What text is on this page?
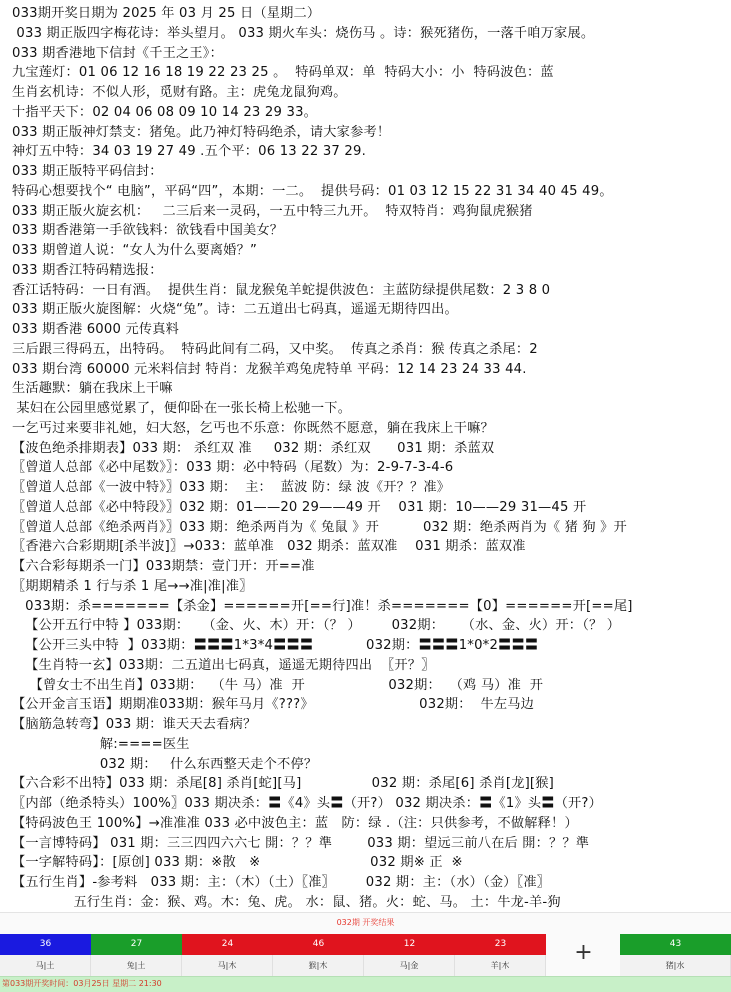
033期开奖日期为 2025 年 03 月 25 日（星期二）
033 期正版四字梅花诗：举头望月。 033 期火车头：烧伤马 。诗：猴死猪伤，一落千咱万家展。
033 期香港地下信封《千王之王》：
九宝莲灯：01 06 12 16 18 19 22 23 25 。  特码单双：单  特码大小：小  特码波色：蓝
生肖玄机诗：不似人形，觅财有路。主：虎兔龙鼠狗鸡。
十指平天下：02 04 06 08 09 10 14 23 29 33。
033 期正版神灯禁支：猪兔。此乃神灯特码绝杀，请大家参考！
神灯五中特：34 03 19 27 49 .五个平：06 13 22 37 29.
033 期正版特平码信封：
特码心想要找个“ 电脑”，平码“四”，本期：一二。  提供号码：01 03 12 15 22 31 34 40 45 49。
033 期正版火旋玄机：   二三后来一灵码，一五中特三九开。  特双特肖：鸡狗鼠虎猴猪
033 期香港第一手欲钱料：欲钱看中国美女？
033 期曾道人说：“女人为什么要离婚？”
033 期香江特码精选报：
香江话特码：一日有酒。  提供生肖：鼠龙猴兔羊蛇提供波色：主蓝防绿提供尾数：2 3 8 0
033 期正版火旋图解：火烧“兔”。诗：二五道出七码真，遥遥无期待四出。
033 期香港 6000 元传真料
三后跟三得码五，出特码。  特码此间有二码，又中奖。  传真之杀肖：猴 传真之杀尾：2
033 期台湾 60000 元米料信封 特肖：龙猴羊鸡兔虎特单 平码：12 14 23 24 33 44.
生活趣默：躺在我床上干嘛
某妇在公园里感觉累了，便仰卧在一张长椅上松驰一下。
一乞丐过来要非礼她，妇大怒，乞丐也不乐意：你既然不愿意，躺在我床上干嘛？
【波色绝杀排期表】033 期： 杀红双 准     032 期：杀红双      031 期：杀蓝双
〖曾道人总部《必中尾数》〗：033 期：必中特码（尾数）为：2-9-7-3-4-6
〖曾道人总部《一波中特》〗033 期：  主：  蓝波 防：绿 波《开？？准》
〖曾道人总部《必中特段》〗032 期：01——20 29——49 开    031 期：10——29 31—45 开
〖曾道人总部《绝杀两肖》〗033 期：绝杀两肖为《 兔鼠 》开          032 期：绝杀两肖为《 猪 狗 》开
〖香港六合彩期期[杀半波]〗→033：蓝单准   032 期杀：蓝双准    031 期杀：蓝双准
【六合彩每期杀一门】033期禁：壹门开：开==准
〖期期精杀 1 行与杀 1 尾→→准|准|准〗
033期：杀=======【杀金】======开[==行]准！杀=======【0】======开[==尾]
【公开五行中特 】033期：   （金、火、木）开：（？ ）       032期：    （水、金、火）开：（？ ）
【公开三头中特  】033期：〓〓〓1*3*4〓〓〓            032期：〓〓〓1*0*2〓〓〓
【生肖特一玄】033期：二五道出七码真，遥遥无期待四出  〖开？〗
【曾女士不出生肖】033期：  （牛 马）准  开                   032期：  （鸡 马）准  开
【公开金言玉语】期期准033期：猴年马月《???》                        032期：  牛左马边
【脑筋急转弯】033 期：谁天天去看病？
解:====医生
032 期：   什么东西整天走个不停？
【六合彩不出特】033 期：杀尾[8] 杀肖[蛇][马]                032 期：杀尾[6] 杀肖[龙][猴]
〖内部（绝杀特头）100%〗033 期决杀：〓《4》头〓（开?） 032 期决杀：〓《1》头〓（开?）
【特码波色王 100%】→准准准 033 必中波色主：蓝   防：绿 .（注：只供参考，不做解释！）
【一言博特码】 031 期：三三四四六六七 開：？？準        033 期：望远三前八在后 開：？？準
【一字解特码】：[原创] 033 期：※散   ※                         032 期※ 正  ※
【五行生肖】-参考料   033 期：主：（木）（土）〖准〗       032 期：主：（水）（金）〖准〗
五行生肖：金：猴、鸡。木：兔、虎。 水：鼠、猪。火：蛇、马。 土：牛龙-羊-狗
032期 开奖结果
36
马|土
27
兔|土
24
马|木
46
猴|木
12
马|金
23
羊|木
+	43
猪|水
第033期开奖时间：03月25日 星期二 21:30
